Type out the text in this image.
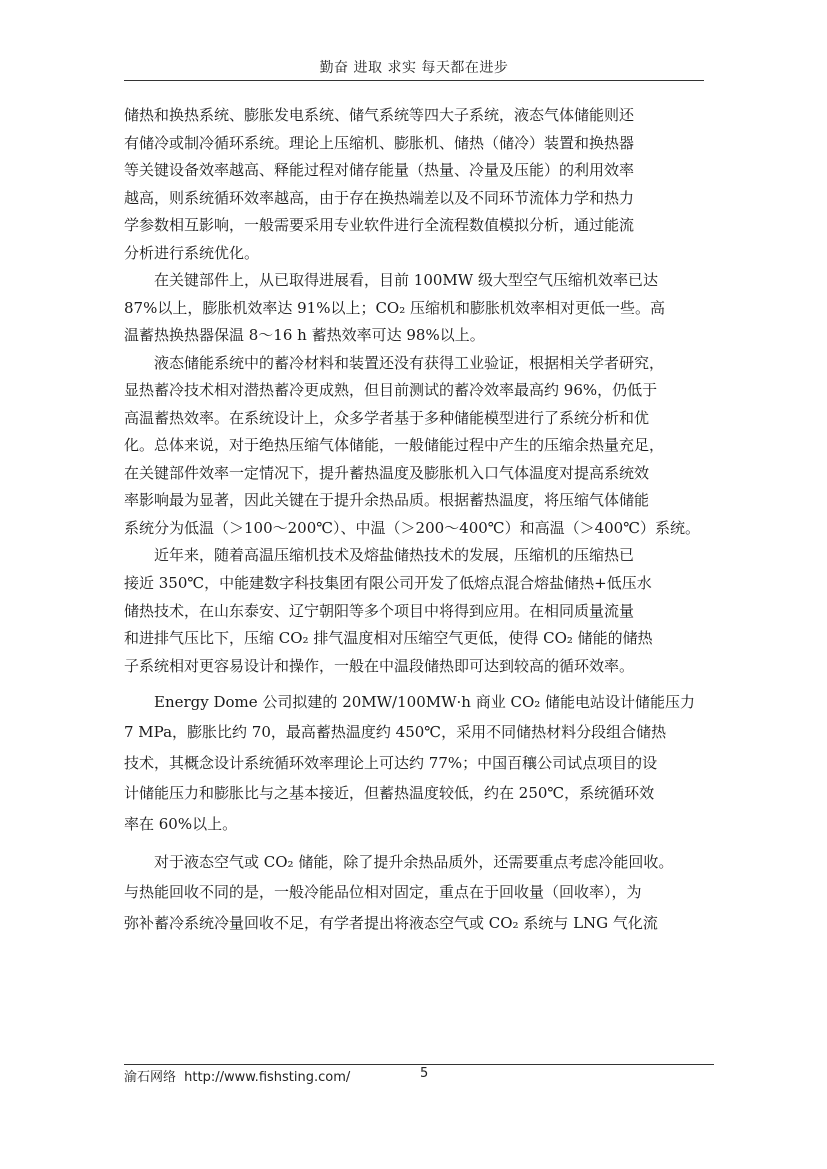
勤奋 进取 求实 每天都在进步
储热和换热系统、膨胀发电系统、储气系统等四大子系统，液态气体储能则还
有储冷或制冷循环系统。理论上压缩机、膨胀机、储热（储冷）装置和换热器
等关键设备效率越高、释能过程对储存能量（热量、冷量及压能）的利用效率
越高，则系统循环效率越高，由于存在换热端差以及不同环节流体力学和热力
学参数相互影响，一般需要采用专业软件进行全流程数值模拟分析，通过能流
分析进行系统优化。
　　在关键部件上，从已取得进展看，目前 100MW 级大型空气压缩机效率已达
87%以上，膨胀机效率达 91%以上；CO₂ 压缩机和膨胀机效率相对更低一些。高
温蓄热换热器保温 8～16 h 蓄热效率可达 98%以上。
　　液态储能系统中的蓄冷材料和装置还没有获得工业验证，根据相关学者研究，
显热蓄冷技术相对潜热蓄冷更成熟，但目前测试的蓄冷效率最高约 96%，仍低于
高温蓄热效率。在系统设计上，众多学者基于多种储能模型进行了系统分析和优
化。总体来说，对于绝热压缩气体储能，一般储能过程中产生的压缩余热量充足，
在关键部件效率一定情况下，提升蓄热温度及膨胀机入口气体温度对提高系统效
率影响最为显著，因此关键在于提升余热品质。根据蓄热温度，将压缩气体储能
系统分为低温（＞100～200℃）、中温（＞200～400℃）和高温（＞400℃）系统。
　　近年来，随着高温压缩机技术及熔盐储热技术的发展，压缩机的压缩热已
接近 350℃，中能建数字科技集团有限公司开发了低熔点混合熔盐储热+低压水
储热技术，在山东泰安、辽宁朝阳等多个项目中将得到应用。在相同质量流量
和进排气压比下，压缩 CO₂ 排气温度相对压缩空气更低，使得 CO₂ 储能的储热
子系统相对更容易设计和操作，一般在中温段储热即可达到较高的循环效率。
　　Energy Dome 公司拟建的 20MW/100MW·h 商业 CO₂ 储能电站设计储能压力
7 MPa，膨胀比约 70，最高蓄热温度约 450℃，采用不同储热材料分段组合储热
技术，其概念设计系统循环效率理论上可达约 77%；中国百穰公司试点项目的设
计储能压力和膨胀比与之基本接近，但蓄热温度较低，约在 250℃，系统循环效
率在 60%以上。
　　对于液态空气或 CO₂ 储能，除了提升余热品质外，还需要重点考虑冷能回收。
与热能回收不同的是，一般冷能品位相对固定，重点在于回收量（回收率），为
弥补蓄冷系统冷量回收不足，有学者提出将液态空气或 CO₂ 系统与 LNG 气化流
渝石网络 http://www.fishsting.com/	5
